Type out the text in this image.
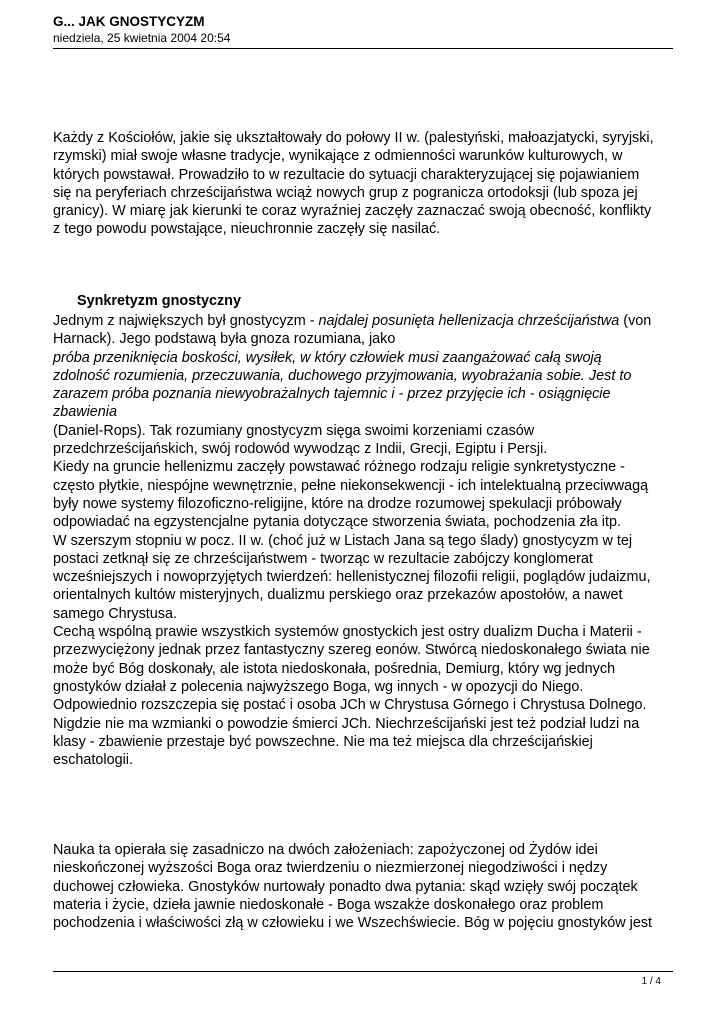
G... JAK GNOSTYCYZM
niedziela, 25 kwietnia 2004 20:54
Każdy z Kościołów, jakie się ukształtowały do połowy II w. (palestyński, małoazjatycki, syryjski,
rzymski) miał swoje własne tradycje, wynikające z odmienności warunków kulturowych, w
których powstawał. Prowadziło to w rezultacie do sytuacji charakteryzującej się pojawianiem
się na peryferiach chrześcijaństwa wciąż nowych grup z pogranicza ortodoksji (lub spoza jej
granicy). W miarę jak kierunki te coraz wyraźniej zaczęły zaznaczać swoją obecność, konflikty
z tego powodu powstające, nieuchronnie zaczęły się nasilać.
Synkretyzm gnostyczny
Jednym z największych był gnostycyzm - najdalej posunięta hellenizacja chrześcijaństwa (von
Harnack). Jego podstawą była gnoza rozumiana, jako
próba przeniknięcia boskości, wysiłek, w który człowiek musi zaangażować całą swoją
zdolność rozumienia, przeczuwania, duchowego przyjmowania, wyobrażania sobie. Jest to
zarazem próba poznania niewyobrażalnych tajemnic i - przez przyjęcie ich - osiągnięcie
zbawienia
(Daniel-Rops). Tak rozumiany gnostycyzm sięga swoimi korzeniami czasów
przedchrześcijańskich, swój rodowód wywodząc z Indii, Grecji, Egiptu i Persji.
Kiedy na gruncie hellenizmu zaczęły powstawać różnego rodzaju religie synkretystyczne -
często płytkie, niespójne wewnętrznie, pełne niekonsekwencji - ich intelektualną przeciwwagą
były nowe systemy filozoficzno-religijne, które na drodze rozumowej spekulacji próbowały
odpowiadać na egzystencjalne pytania dotyczące stworzenia świata, pochodzenia zła itp.
W szerszym stopniu w pocz. II w. (choć już w Listach Jana są tego ślady) gnostycyzm w tej
postaci zetknął się ze chrześcijaństwem - tworząc w rezultacie zabójczy konglomerat
wcześniejszych i nowoprzyjętych twierdzeń: hellenistycznej filozofii religii, poglądów judaizmu,
orientalnych kultów misteryjnych, dualizmu perskiego oraz przekazów apostołów, a nawet
samego Chrystusa.
Cechą wspólną prawie wszystkich systemów gnostyckich jest ostry dualizm Ducha i Materii -
przezwyciężony jednak przez fantastyczny szereg eonów. Stwórcą niedoskonałego świata nie
może być Bóg doskonały, ale istota niedoskonała, pośrednia, Demiurg, który wg jednych
gnostyków działał z polecenia najwyższego Boga, wg innych - w opozycji do Niego.
Odpowiednio rozszczepia się postać i osoba JCh w Chrystusa Górnego i Chrystusa Dolnego.
Nigdzie nie ma wzmianki o powodzie śmierci JCh. Niechrześcijański jest też podział ludzi na
klasy - zbawienie przestaje być powszechne. Nie ma też miejsca dla chrześcijańskiej
eschatologii.
Nauka ta opierała się zasadniczo na dwóch założeniach: zapożyczonej od Żydów idei
nieskończonej wyższości Boga oraz twierdzeniu o niezmierzonej niegodziwości i nędzy
duchowej człowieka. Gnostyków nurtowały ponadto dwa pytania: skąd wzięły swój początek
materia i życie, dzieła jawnie niedoskonałe - Boga wszakże doskonałego oraz problem
pochodzenia i właściwości złą w człowieku i we Wszechświecie. Bóg w pojęciu gnostyków jest
1 / 4
